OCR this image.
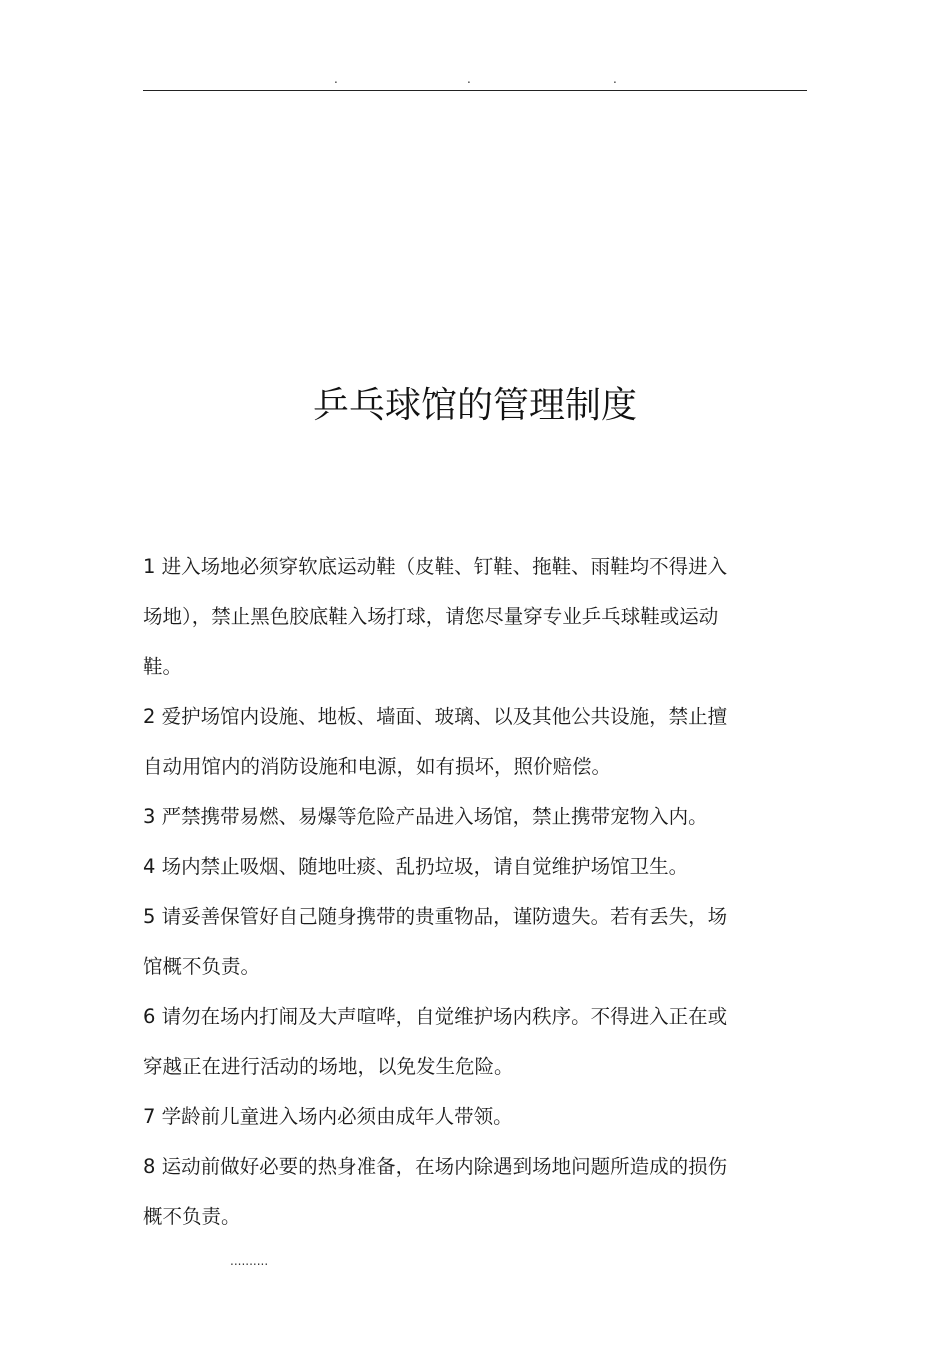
.	.	.
乒乓球馆的管理制度
1 进入场地必须穿软底运动鞋（皮鞋、钉鞋、拖鞋、雨鞋均不得进入
场地），禁止黑色胶底鞋入场打球，请您尽量穿专业乒乓球鞋或运动
鞋。
2 爱护场馆内设施、地板、墙面、玻璃、以及其他公共设施，禁止擅
自动用馆内的消防设施和电源，如有损坏，照价赔偿。
3 严禁携带易燃、易爆等危险产品进入场馆，禁止携带宠物入内。
4 场内禁止吸烟、随地吐痰、乱扔垃圾，请自觉维护场馆卫生。
5 请妥善保管好自己随身携带的贵重物品，谨防遗失。若有丢失，场
馆概不负责。
6 请勿在场内打闹及大声喧哗，自觉维护场内秩序。不得进入正在或
穿越正在进行活动的场地，以免发生危险。
7 学龄前儿童进入场内必须由成年人带领。
8 运动前做好必要的热身准备，在场内除遇到场地问题所造成的损伤
概不负责。
..........
